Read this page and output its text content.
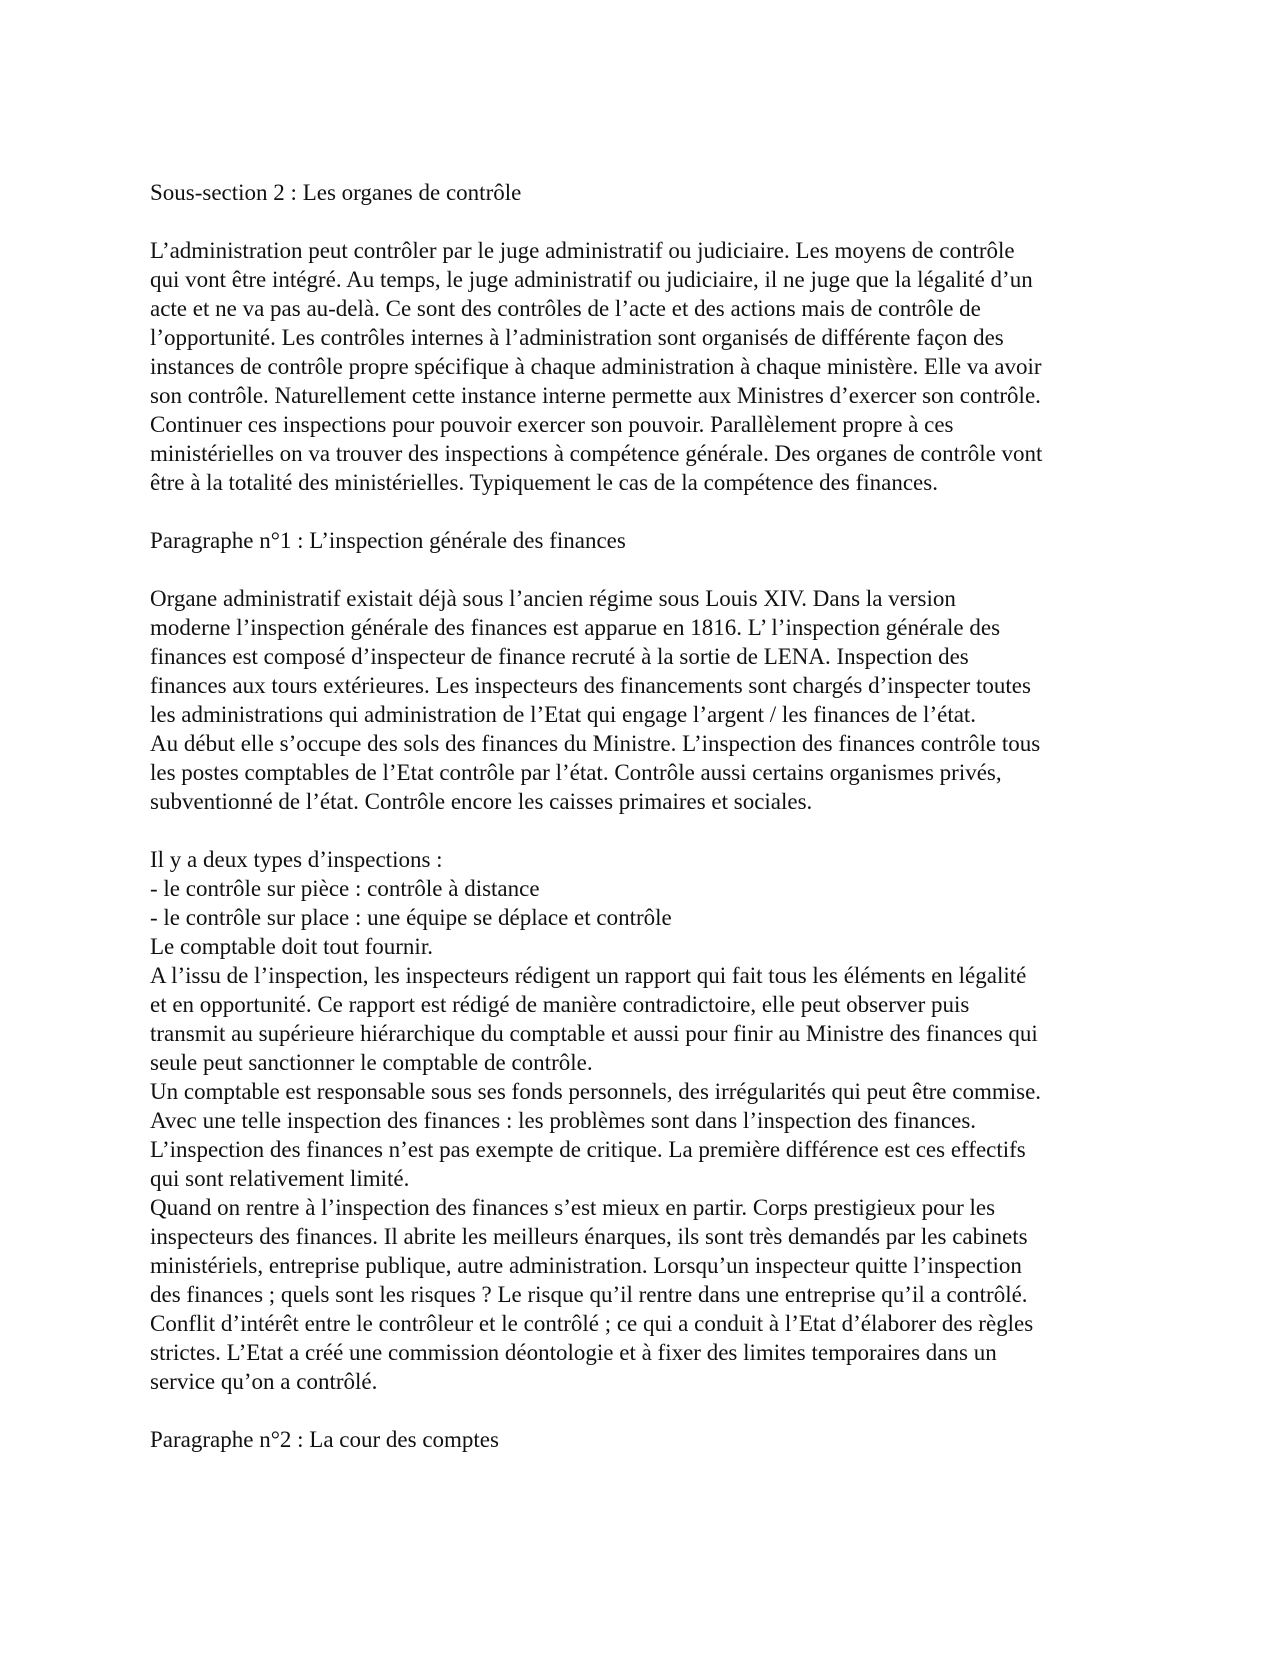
Sous-section 2 : Les organes de contrôle
L’administration peut contrôler par le juge administratif ou judiciaire. Les moyens de contrôle
qui vont être intégré. Au temps, le juge administratif ou judiciaire, il ne juge que la légalité d’un
acte et ne va pas au-delà. Ce sont des contrôles de l’acte et des actions mais de contrôle de
l’opportunité. Les contrôles internes à l’administration sont organisés de différente façon des
instances de contrôle propre spécifique à chaque administration à chaque ministère. Elle va avoir
son contrôle. Naturellement cette instance interne permette aux Ministres d’exercer son contrôle.
Continuer ces inspections pour pouvoir exercer son pouvoir. Parallèlement propre à ces
ministérielles on va trouver des inspections à compétence générale. Des organes de contrôle vont
être à la totalité des ministérielles. Typiquement le cas de la compétence des finances.
Paragraphe n°1 : L’inspection générale des finances
Organe administratif existait déjà sous l’ancien régime sous Louis XIV. Dans la version
moderne l’inspection générale des finances est apparue en 1816. L’ l’inspection générale des
finances est composé d’inspecteur de finance recruté à la sortie de LENA. Inspection des
finances aux tours extérieures. Les inspecteurs des financements sont chargés d’inspecter toutes
les administrations qui administration de l’Etat qui engage l’argent / les finances de l’état.
Au début elle s’occupe des sols des finances du Ministre. L’inspection des finances contrôle tous
les postes comptables de l’Etat contrôle par l’état. Contrôle aussi certains organismes privés,
subventionné de l’état. Contrôle encore les caisses primaires et sociales.
Il y a deux types d’inspections :
- le contrôle sur pièce : contrôle à distance
- le contrôle sur place : une équipe se déplace et contrôle
Le comptable doit tout fournir.
A l’issu de l’inspection, les inspecteurs rédigent un rapport qui fait tous les éléments en légalité
et en opportunité. Ce rapport est rédigé de manière contradictoire, elle peut observer puis
transmit au supérieure hiérarchique du comptable et aussi pour finir au Ministre des finances qui
seule peut sanctionner le comptable de contrôle.
Un comptable est responsable sous ses fonds personnels, des irrégularités qui peut être commise.
Avec une telle inspection des finances : les problèmes sont dans l’inspection des finances.
L’inspection des finances n’est pas exempte de critique. La première différence est ces effectifs
qui sont relativement limité.
Quand on rentre à l’inspection des finances s’est mieux en partir. Corps prestigieux pour les
inspecteurs des finances. Il abrite les meilleurs énarques, ils sont très demandés par les cabinets
ministériels, entreprise publique, autre administration. Lorsqu’un inspecteur quitte l’inspection
des finances ; quels sont les risques ? Le risque qu’il rentre dans une entreprise qu’il a contrôlé.
Conflit d’intérêt entre le contrôleur et le contrôlé ; ce qui a conduit à l’Etat d’élaborer des règles
strictes. L’Etat a créé une commission déontologie et à fixer des limites temporaires dans un
service qu’on a contrôlé.
Paragraphe n°2 : La cour des comptes
